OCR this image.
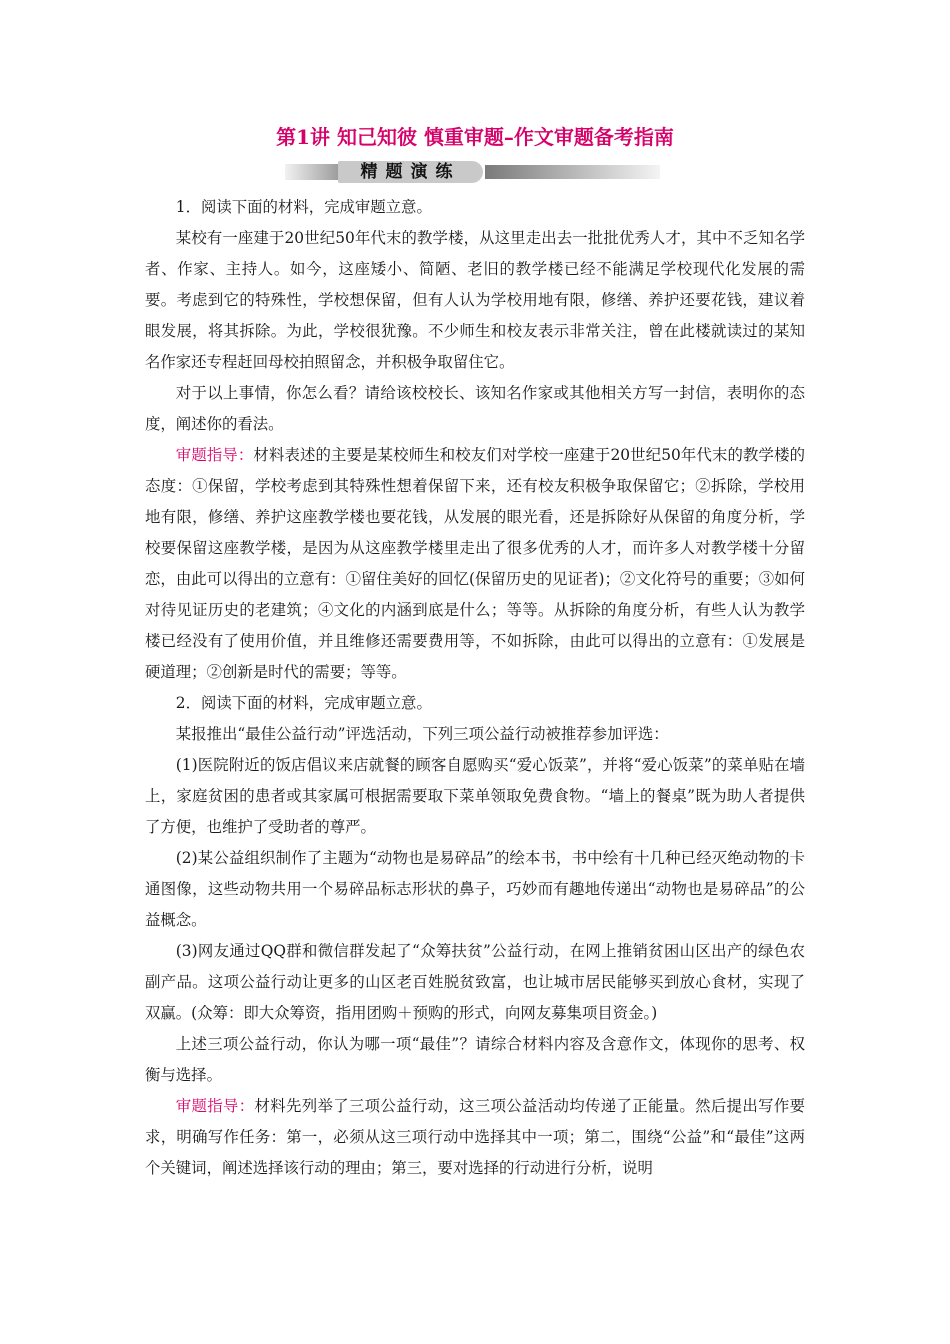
第1讲 知己知彼 慎重审题–作文审题备考指南
精题演练

1．阅读下面的材料，完成审题立意。

某校有一座建于20世纪50年代末的教学楼，从这里走出去一批批优秀人才，其中不乏知名学者、作家、主持人。如今，这座矮小、简陋、老旧的教学楼已经不能满足学校现代化发展的需要。考虑到它的特殊性，学校想保留，但有人认为学校用地有限，修缮、养护还要花钱，建议着眼发展，将其拆除。为此，学校很犹豫。不少师生和校友表示非常关注，曾在此楼就读过的某知名作家还专程赶回母校拍照留念，并积极争取留住它。

对于以上事情，你怎么看？请给该校校长、该知名作家或其他相关方写一封信，表明你的态度，阐述你的看法。

审题指导：材料表述的主要是某校师生和校友们对学校一座建于20世纪50年代末的教学楼的态度：①保留，学校考虑到其特殊性想着保留下来，还有校友积极争取保留它；②拆除，学校用地有限，修缮、养护这座教学楼也要花钱，从发展的眼光看，还是拆除好从保留的角度分析，学校要保留这座教学楼，是因为从这座教学楼里走出了很多优秀的人才，而许多人对教学楼十分留恋，由此可以得出的立意有：①留住美好的回忆(保留历史的见证者)；②文化符号的重要；③如何对待见证历史的老建筑；④文化的内涵到底是什么；等等。从拆除的角度分析，有些人认为教学楼已经没有了使用价值，并且维修还需要费用等，不如拆除，由此可以得出的立意有：①发展是硬道理；②创新是时代的需要；等等。

2．阅读下面的材料，完成审题立意。

某报推出“最佳公益行动”评选活动，下列三项公益行动被推荐参加评选：

(1)医院附近的饭店倡议来店就餐的顾客自愿购买“爱心饭菜”，并将“爱心饭菜”的菜单贴在墙上，家庭贫困的患者或其家属可根据需要取下菜单领取免费食物。“墙上的餐桌”既为助人者提供了方便，也维护了受助者的尊严。

(2)某公益组织制作了主题为“动物也是易碎品”的绘本书，书中绘有十几种已经灭绝动物的卡通图像，这些动物共用一个易碎品标志形状的鼻子，巧妙而有趣地传递出“动物也是易碎品”的公益概念。

(3)网友通过QQ群和微信群发起了“众筹扶贫”公益行动，在网上推销贫困山区出产的绿色农副产品。这项公益行动让更多的山区老百姓脱贫致富，也让城市居民能够买到放心食材，实现了双赢。(众筹：即大众筹资，指用团购＋预购的形式，向网友募集项目资金。)

上述三项公益行动，你认为哪一项“最佳”？请综合材料内容及含意作文，体现你的思考、权衡与选择。

审题指导：材料先列举了三项公益行动，这三项公益活动均传递了正能量。然后提出写作要求，明确写作任务：第一，必须从这三项行动中选择其中一项；第二，围绕“公益”和“最佳”这两个关键词，阐述选择该行动的理由；第三，要对选择的行动进行分析，说明
